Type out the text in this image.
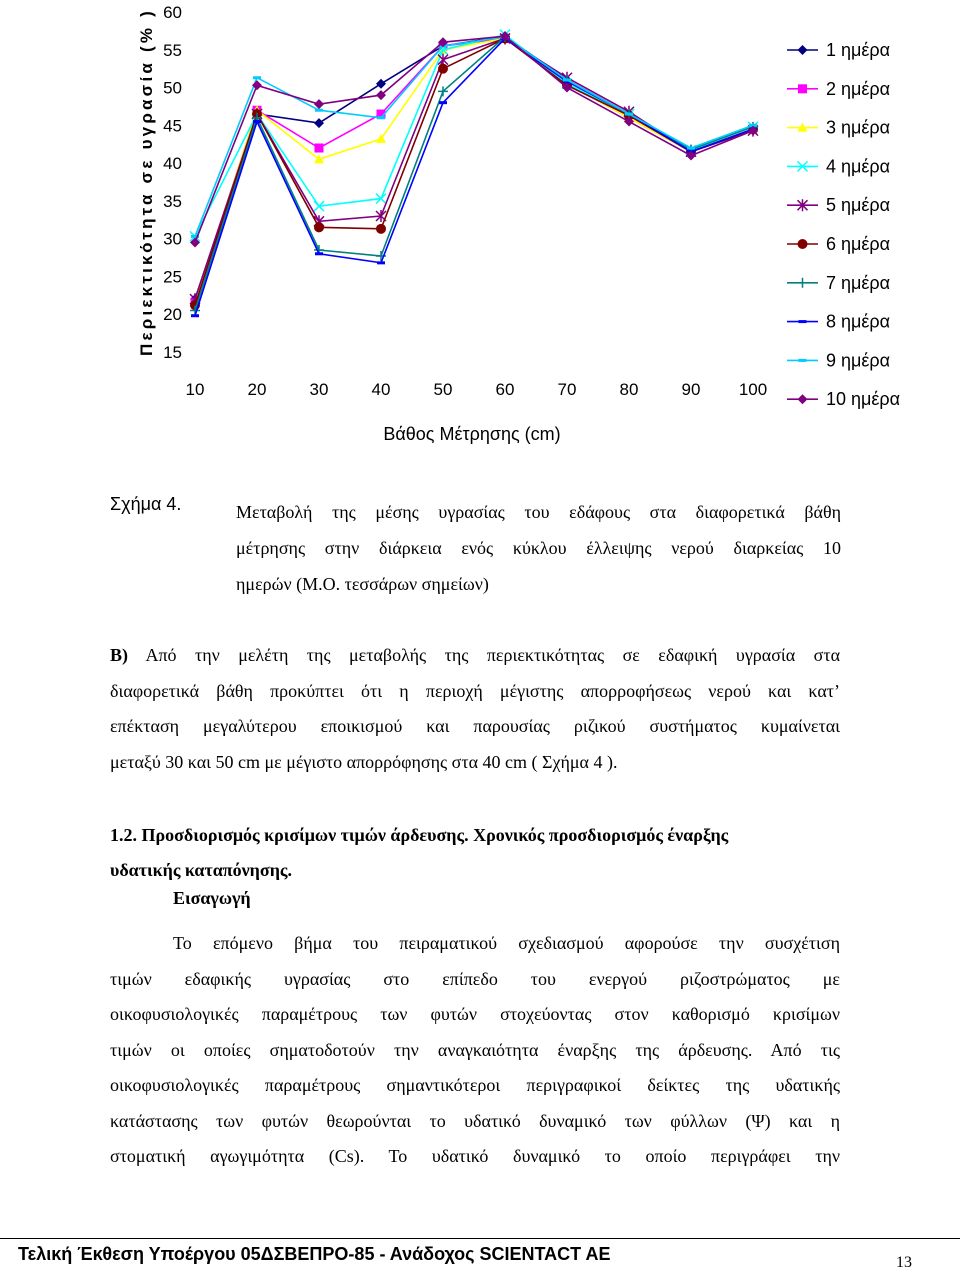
15
20
25
30
35
40
45
50
55
60
10	20	30	40	50	60	70	80	90 100
Περιεκτικότητα σε υγρασία (% )
Βάθος Μέτρησης (cm)
1 ημέρα
2 ημέρα
3 ημέρα
4 ημέρα
5 ημέρα
6 ημέρα
7 ημέρα
8 ημέρα
9 ημέρα
10 ημέρα
Σχήμα 4.	Μεταβολή της μέσης υγρασίας του εδάφους στα διαφορετικά βάθη
μέτρησης στην διάρκεια ενός κύκλου έλλειψης νερού διαρκείας 10
ημερών (Μ.Ο. τεσσάρων σημείων)
Β) Από την μελέτη της μεταβολής της περιεκτικότητας σε εδαφική υγρασία στα
διαφορετικά βάθη προκύπτει ότι η περιοχή μέγιστης απορροφήσεως νερού και κατ’
επέκταση μεγαλύτερου εποικισμού και παρουσίας ριζικού συστήματος κυμαίνεται
μεταξύ 30 και 50 cm με μέγιστο απορρόφησης στα 40 cm ( Σχήμα 4 ).
1.2. Προσδιορισμός κρισίμων τιμών άρδευσης. Χρονικός προσδιορισμός έναρξης
υδατικής καταπόνησης.
Εισαγωγή
Το επόμενο βήμα του πειραματικού σχεδιασμού αφορούσε την συσχέτιση
τιμών εδαφικής υγρασίας στο επίπεδο του ενεργού ριζοστρώματος με
οικοφυσιολογικές παραμέτρους των φυτών στοχεύοντας στον καθορισμό κρισίμων
τιμών οι οποίες σηματοδοτούν την αναγκαιότητα έναρξης της άρδευσης. Από τις
οικοφυσιολογικές παραμέτρους σημαντικότεροι περιγραφικοί δείκτες της υδατικής
κατάστασης των φυτών θεωρούνται το υδατικό δυναμικό των φύλλων (Ψ) και η
στοματική αγωγιμότητα (Cs). Το υδατικό δυναμικό το οποίο περιγράφει την
Τελική Έκθεση Υποέργου 05ΔΣΒΕΠΡΟ-85 - Ανάδοχος SCIENTACT AE	13
